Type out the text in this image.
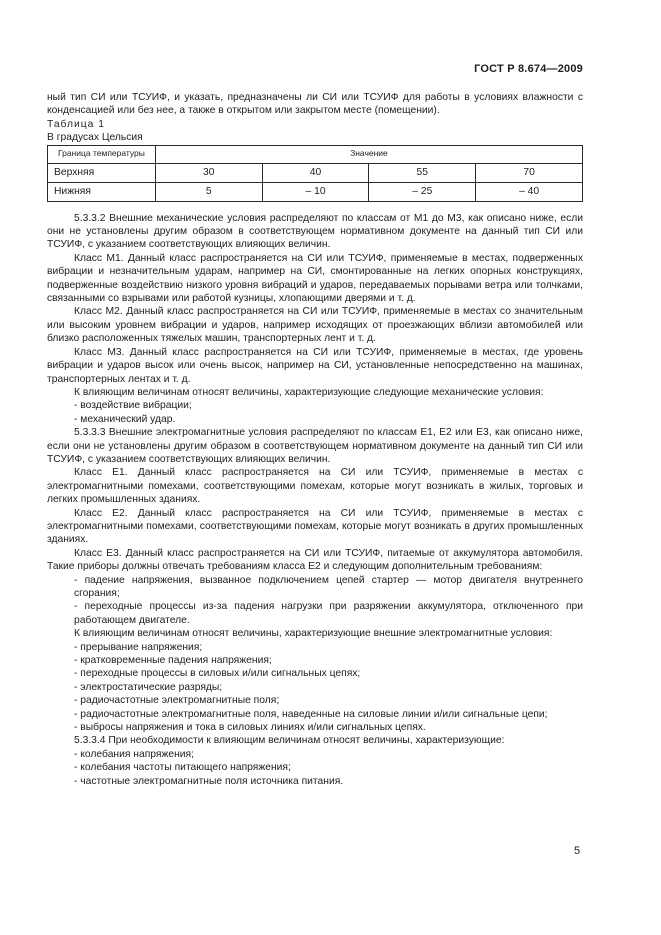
ГОСТ Р 8.674—2009

ный тип СИ или ТСУИФ, и указать, предназначены ли СИ или ТСУИФ для работы в условиях влажности с конденсацией или без нее, а также в открытом или закрытом месте (помещении).

Таблица 1

В градусах Цельсия

Граница температуры	Значение			
Верхняя	30	40	55	70
Нижняя	5	– 10	– 25	– 40

5.3.3.2 Внешние механические условия распределяют по классам от М1 до М3, как описано ниже, если они не установлены другим образом в соответствующем нормативном документе на данный тип СИ или ТСУИФ, с указанием соответствующих влияющих величин.

Класс М1. Данный класс распространяется на СИ или ТСУИФ, применяемые в местах, подверженных вибрации и незначительным ударам, например на СИ, смонтированные на легких опорных конструкциях, подверженные воздействию низкого уровня вибраций и ударов, передаваемых порывами ветра или толчками, связанными со взрывами или работой кузницы, хлопающими дверями и т. д.

Класс М2. Данный класс распространяется на СИ или ТСУИФ, применяемые в местах со значительным или высоким уровнем вибрации и ударов, например исходящих от проезжающих вблизи автомобилей или близко расположенных тяжелых машин, транспортерных лент и т. д.

Класс М3. Данный класс распространяется на СИ или ТСУИФ, применяемые в местах, где уровень вибрации и ударов высок или очень высок, например на СИ, установленные непосредственно на машинах, транспортерных лентах и т. д.

К влияющим величинам относят величины, характеризующие следующие механические условия:

- воздействие вибрации;

- механический удар.

5.3.3.3 Внешние электромагнитные условия распределяют по классам Е1, Е2 или Е3, как описано ниже, если они не установлены другим образом в соответствующем нормативном документе на данный тип СИ или ТСУИФ, с указанием соответствующих влияющих величин.

Класс Е1. Данный класс распространяется на СИ или ТСУИФ, применяемые в местах с электромагнитными помехами, соответствующими помехам, которые могут возникать в жилых, торговых и легких промышленных зданиях.

Класс Е2. Данный класс распространяется на СИ или ТСУИФ, применяемые в местах с электромагнитными помехами, соответствующими помехам, которые могут возникать в других промышленных зданиях.

Класс Е3. Данный класс распространяется на СИ или ТСУИФ, питаемые от аккумулятора автомобиля. Такие приборы должны отвечать требованиям класса Е2 и следующим дополнительным требованиям:

- падение напряжения, вызванное подключением цепей стартер — мотор двигателя внутреннего сгорания;

- переходные процессы из-за падения нагрузки при разряжении аккумулятора, отключенного при работающем двигателе.

К влияющим величинам относят величины, характеризующие внешние электромагнитные условия:

- прерывание напряжения;

- кратковременные падения напряжения;

- переходные процессы в силовых и/или сигнальных цепях;

- электростатические разряды;

- радиочастотные электромагнитные поля;

- радиочастотные электромагнитные поля, наведенные на силовые линии и/или сигнальные цепи;

- выбросы напряжения и тока в силовых линиях и/или сигнальных цепях.

5.3.3.4 При необходимости к влияющим величинам относят величины, характеризующие:

- колебания напряжения;

- колебания частоты питающего напряжения;

- частотные электромагнитные поля источника питания.

5
